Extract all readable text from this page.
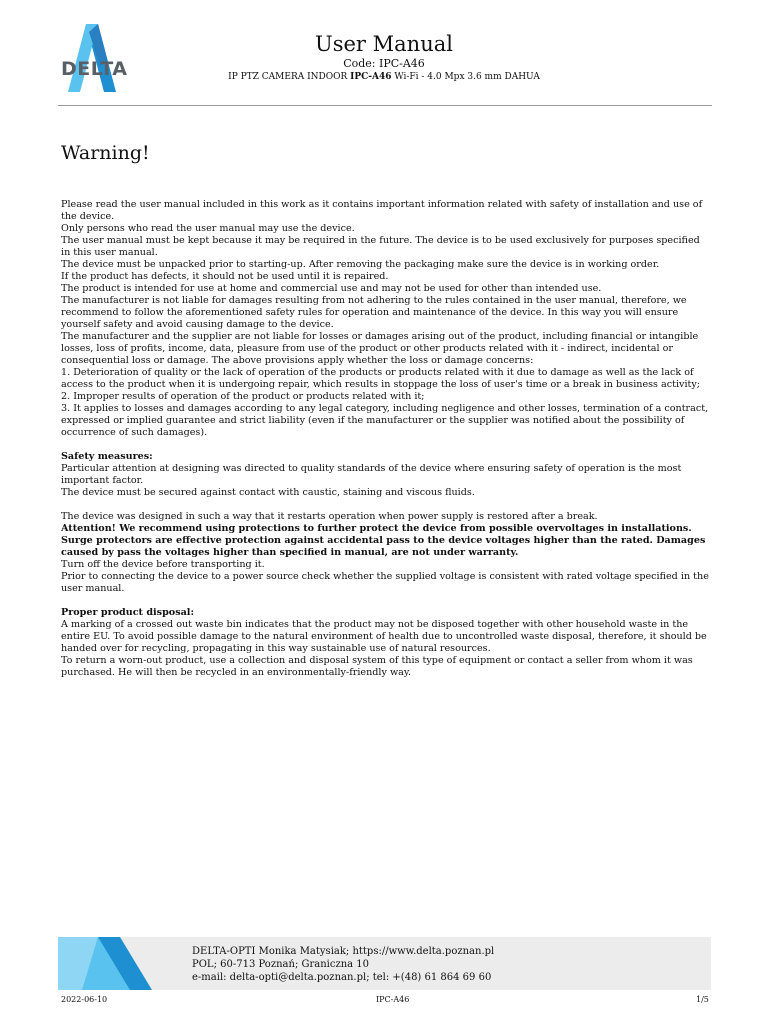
DELTA
User Manual
Code: IPC-A46
IP PTZ CAMERA INDOOR IPC-A46 Wi-Fi - 4.0 Mpx 3.6 mm DAHUA
Warning!

Please read the user manual included in this work as it contains important information related with safety of installation and use of the device.

Only persons who read the user manual may use the device.

The user manual must be kept because it may be required in the future. The device is to be used exclusively for purposes specified in this user manual.

The device must be unpacked prior to starting-up. After removing the packaging make sure the device is in working order.

If the product has defects, it should not be used until it is repaired.

The product is intended for use at home and commercial use and may not be used for other than intended use.

The manufacturer is not liable for damages resulting from not adhering to the rules contained in the user manual, therefore, we recommend to follow the aforementioned safety rules for operation and maintenance of the device. In this way you will ensure yourself safety and avoid causing damage to the device.

The manufacturer and the supplier are not liable for losses or damages arising out of the product, including financial or intangible losses, loss of profits, income, data, pleasure from use of the product or other products related with it - indirect, incidental or consequential loss or damage. The above provisions apply whether the loss or damage concerns:

1. Deterioration of quality or the lack of operation of the products or products related with it due to damage as well as the lack of access to the product when it is undergoing repair, which results in stoppage the loss of user's time or a break in business activity;

2. Improper results of operation of the product or products related with it;

3. It applies to losses and damages according to any legal category, including negligence and other losses, termination of a contract, expressed or implied guarantee and strict liability (even if the manufacturer or the supplier was notified about the possibility of occurrence of such damages).

Safety measures:

Particular attention at designing was directed to quality standards of the device where ensuring safety of operation is the most important factor.

The device must be secured against contact with caustic, staining and viscous fluids.

The device was designed in such a way that it restarts operation when power supply is restored after a break.

Attention! We recommend using protections to further protect the device from possible overvoltages in installations. Surge protectors are effective protection against accidental pass to the device voltages higher than the rated. Damages caused by pass the voltages higher than specified in manual, are not under warranty.

Turn off the device before transporting it.

Prior to connecting the device to a power source check whether the supplied voltage is consistent with rated voltage specified in the user manual.

Proper product disposal:

A marking of a crossed out waste bin indicates that the product may not be disposed together with other household waste in the entire EU. To avoid possible damage to the natural environment of health due to uncontrolled waste disposal, therefore, it should be handed over for recycling, propagating in this way sustainable use of natural resources.

To return a worn-out product, use a collection and disposal system of this type of equipment or contact a seller from whom it was purchased. He will then be recycled in an environmentally-friendly way.

DELTA-OPTI Monika Matysiak; https://www.delta.poznan.pl
POL; 60-713 Poznań; Graniczna 10
e-mail: delta-opti@delta.poznan.pl; tel: +(48) 61 864 69 60
2022-06-10	IPC-A46	1/5
